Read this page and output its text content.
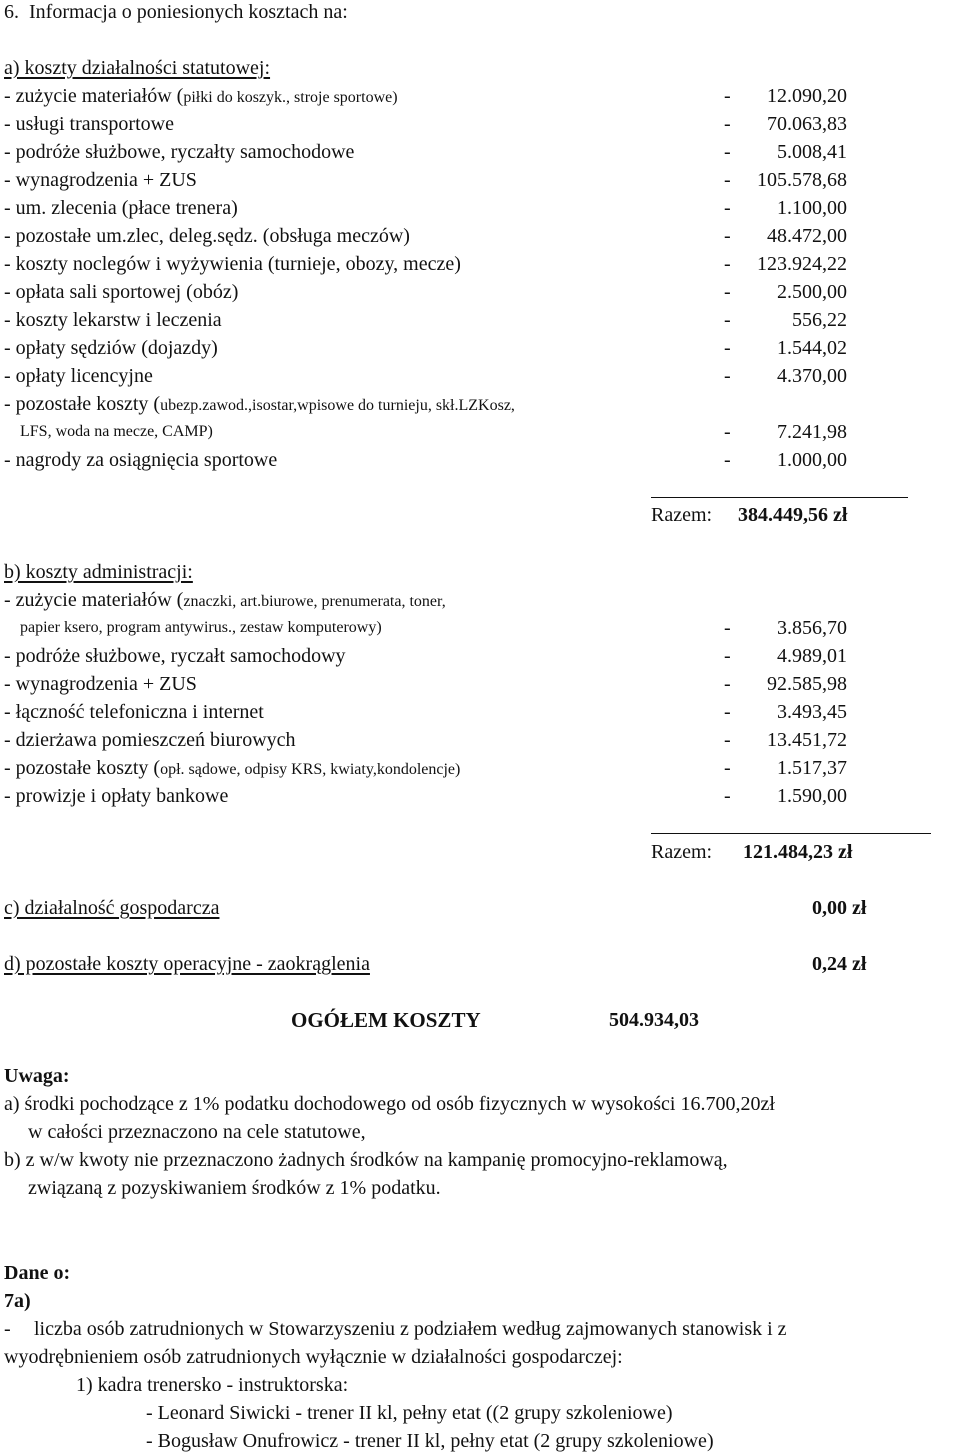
6. Informacja o poniesionych kosztach na:
a) koszty działalności statutowej:
- zużycie materiałów (piłki do koszyk., stroje sportowe)	- 12.090,20
- usługi transportowe	- 70.063,83
- podróże służbowe, ryczałty samochodowe	- 5.008,41
- wynagrodzenia + ZUS	- 105.578,68
- um. zlecenia (płace trenera)	- 1.100,00
- pozostałe um.zlec, deleg.sędz. (obsługa meczów)	- 48.472,00
- koszty noclegów i wyżywienia (turnieje, obozy, mecze)	- 123.924,22
- opłata sali sportowej (obóz)	- 2.500,00
- koszty lekarstw i leczenia	-	556,22
- opłaty sędziów (dojazdy)	- 1.544,02
- opłaty licencyjne	- 4.370,00
- pozostałe koszty (ubezp.zawod.,isostar,wpisowe do turnieju, skł.LZKosz,
LFS, woda na mecze, CAMP)	- 7.241,98
- nagrody za osiągnięcia sportowe	- 1.000,00
Razem: 384.449,56 zł
b) koszty administracji:
- zużycie materiałów (znaczki, art.biurowe, prenumerata, toner,
papier ksero, program antywirus., zestaw komputerowy)	- 3.856,70
- podróże służbowe, ryczałt samochodowy	- 4.989,01
- wynagrodzenia + ZUS	- 92.585,98
- łączność telefoniczna i internet	- 3.493,45
- dzierżawa pomieszczeń biurowych	- 13.451,72
- pozostałe koszty (opł. sądowe, odpisy KRS, kwiaty,kondolencje)	- 1.517,37
- prowizje i opłaty bankowe	- 1.590,00
Razem: 121.484,23 zł
c) działalność gospodarcza	0,00 zł
d) pozostałe koszty operacyjne - zaokrąglenia	0,24 zł
OGÓŁEM KOSZTY	504.934,03
Uwaga:
a) środki pochodzące z 1% podatku dochodowego od osób fizycznych w wysokości 16.700,20zł
w całości przeznaczono na cele statutowe,
b) z w/w kwoty nie przeznaczono żadnych środków na kampanię promocyjno-reklamową,
związaną z pozyskiwaniem środków z 1% podatku.
Dane o:
7a)
- liczba osób zatrudnionych w Stowarzyszeniu z podziałem według zajmowanych stanowisk i z
wyodrębnieniem osób zatrudnionych wyłącznie w działalności gospodarczej:
1) kadra trenersko - instruktorska:
- Leonard Siwicki - trener II kl, pełny etat ((2 grupy szkoleniowe)
- Bogusław Onufrowicz - trener II kl, pełny etat (2 grupy szkoleniowe)
